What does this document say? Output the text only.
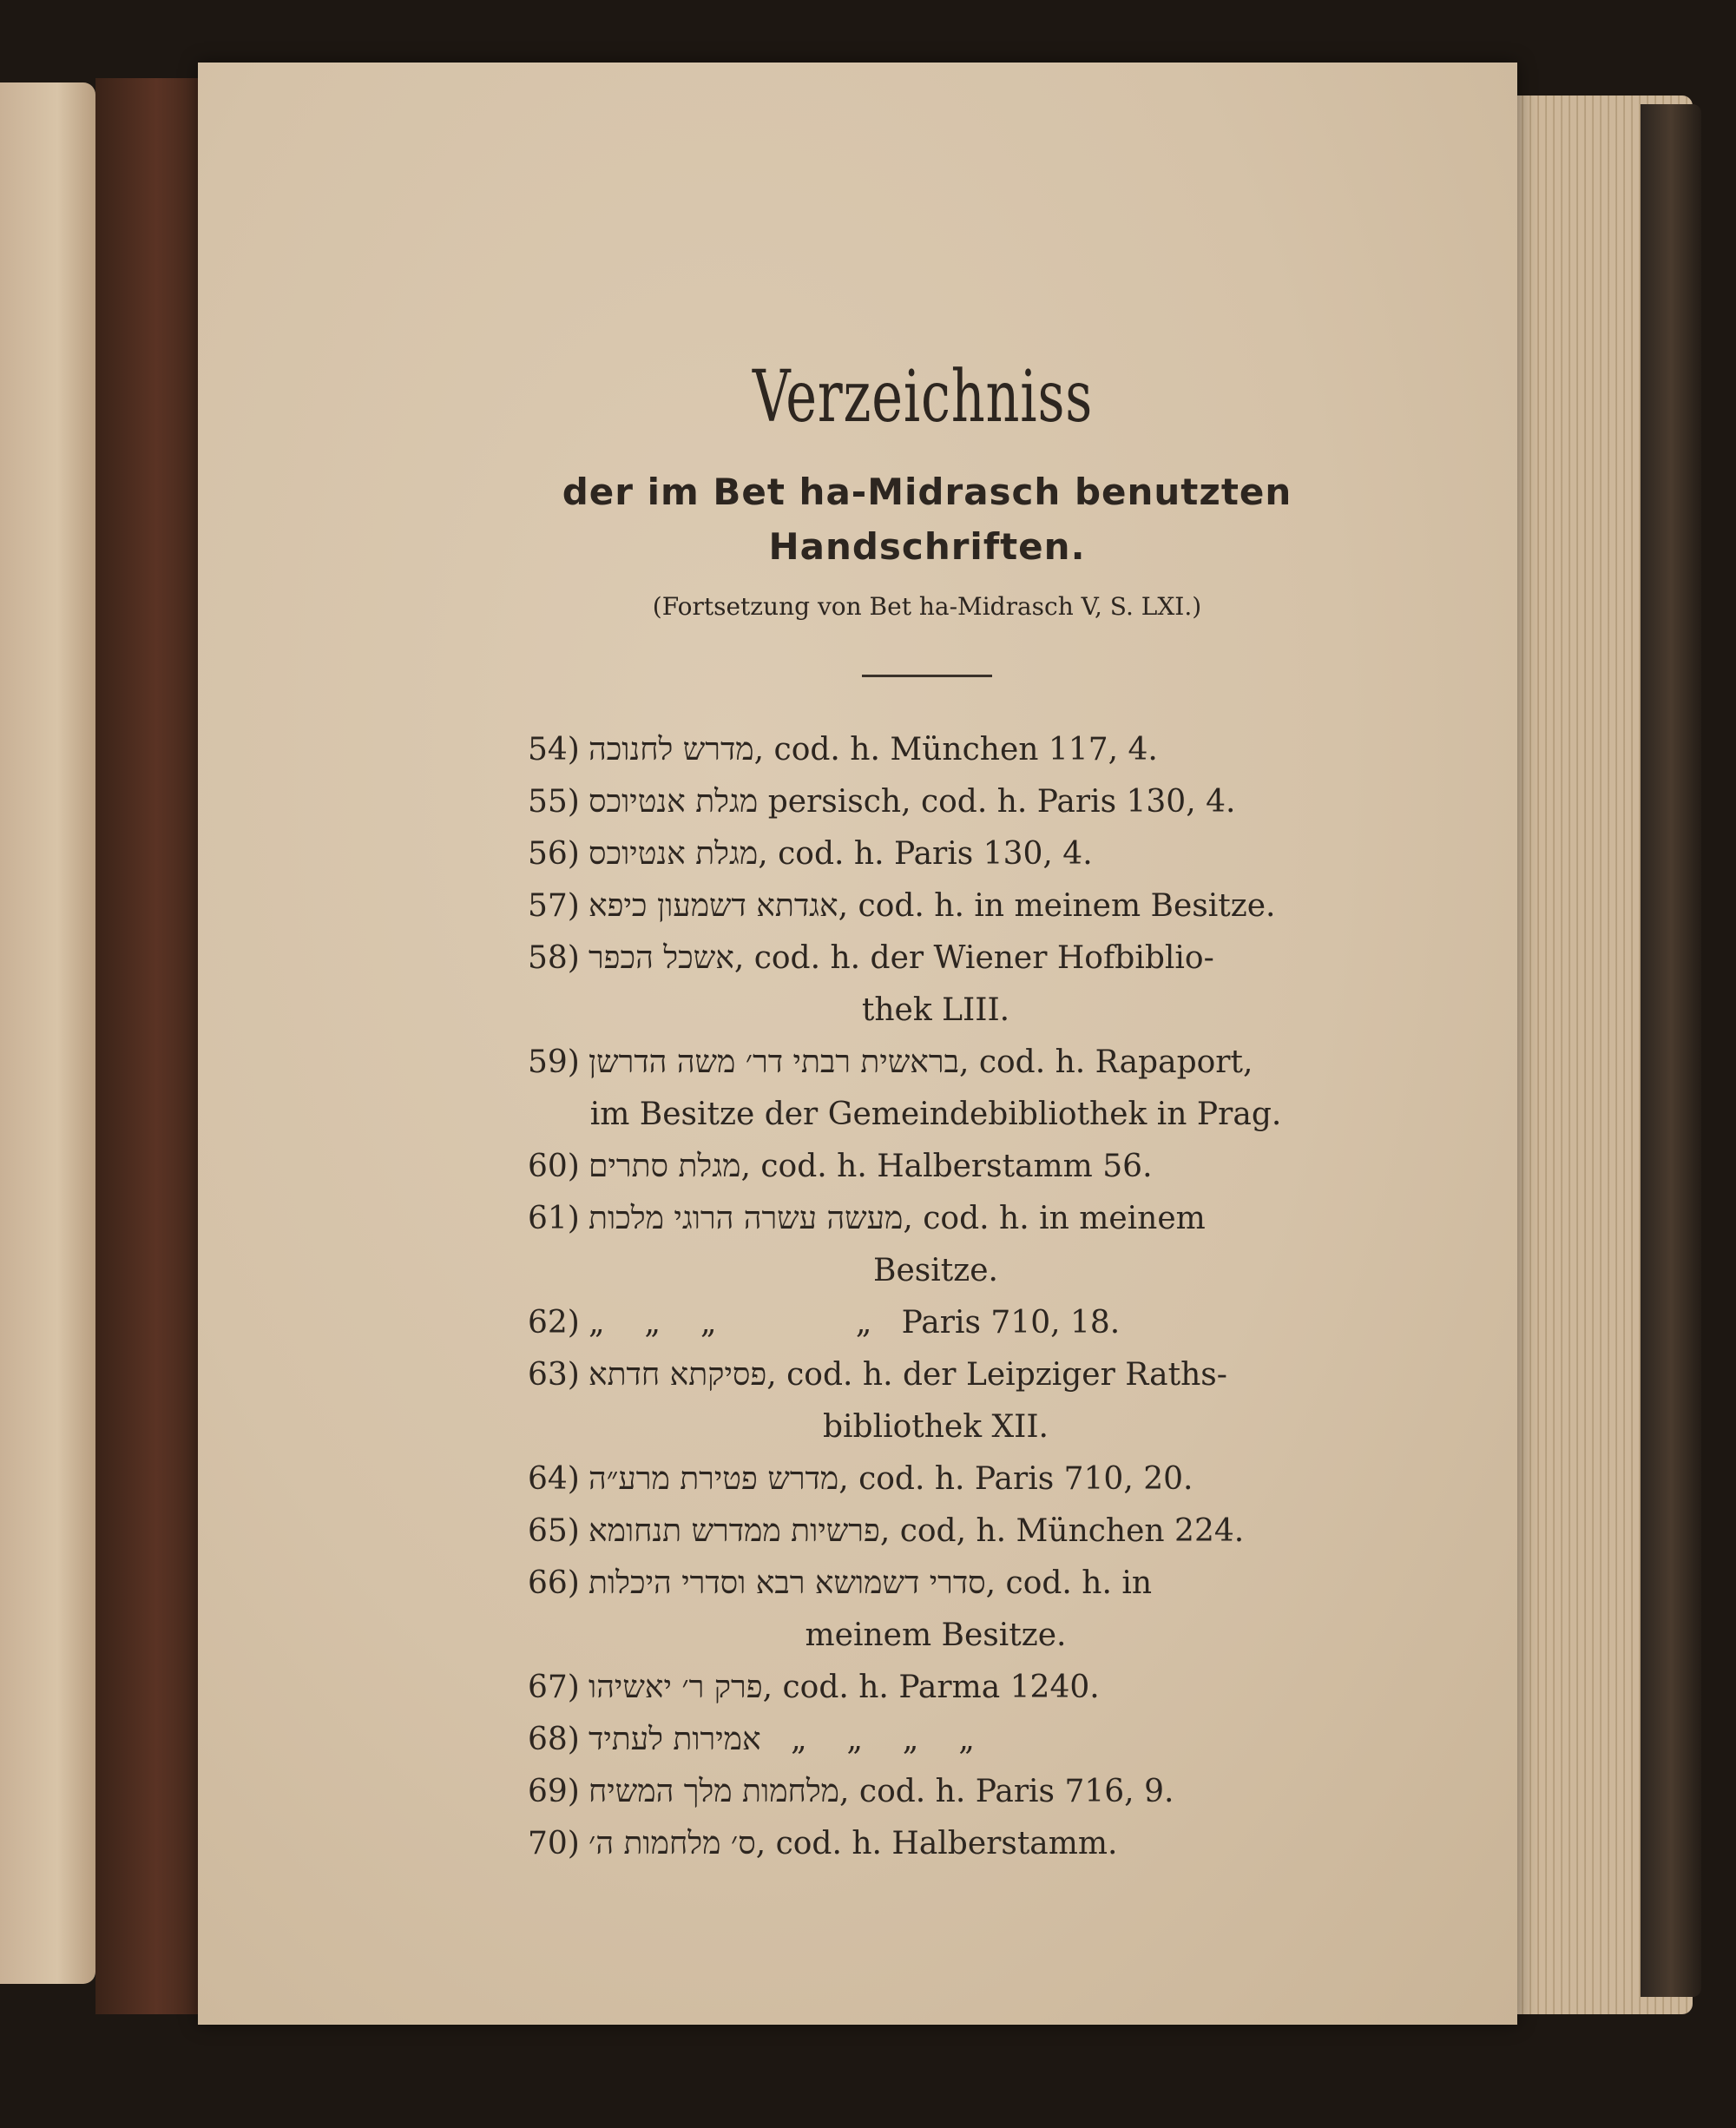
Verzeichniss
der im Bet ha-Midrasch benutzten
Handschriften.
(Fortsetzung von Bet ha-Midrasch V, S. LXI.)
54) מדרש לחנוכה, cod. h. München 117, 4.
55) מגלת אנטיוכס persisch, cod. h. Paris 130, 4.
56) מגלת אנטיוכס, cod. h. Paris 130, 4.
57) אגדתא דשמעון כיפא, cod. h. in meinem Besitze.
58) אשכל הכפר, cod. h. der Wiener Hofbiblio-
thek LIII.
59) בראשית רבתי דר׳ משה הדרשן, cod. h. Rapaport,
im Besitze der Gemeindebibliothek in Prag.
60) מגלת סתרים, cod. h. Halberstamm 56.
61) מעשה עשרה הרוגי מלכות, cod. h. in meinem
Besitze.
62) „    „    „              „   Paris 710, 18.
63) פסיקתא חדתא, cod. h. der Leipziger Raths-
bibliothek XII.
64) מדרש פטירת מרע״ה, cod. h. Paris 710, 20.
65) פרשיות ממדרש תנחומא, cod, h. München 224.
66) סדרי דשמושא רבא וסדרי היכלות, cod. h. in
meinem Besitze.
67) פרק ר׳ יאשיהו, cod. h. Parma 1240.
68) אמירות לעתיד   „    „    „    „
69) מלחמות מלך המשיח, cod. h. Paris 716, 9.
70) ס׳ מלחמות ה׳, cod. h. Halberstamm.
